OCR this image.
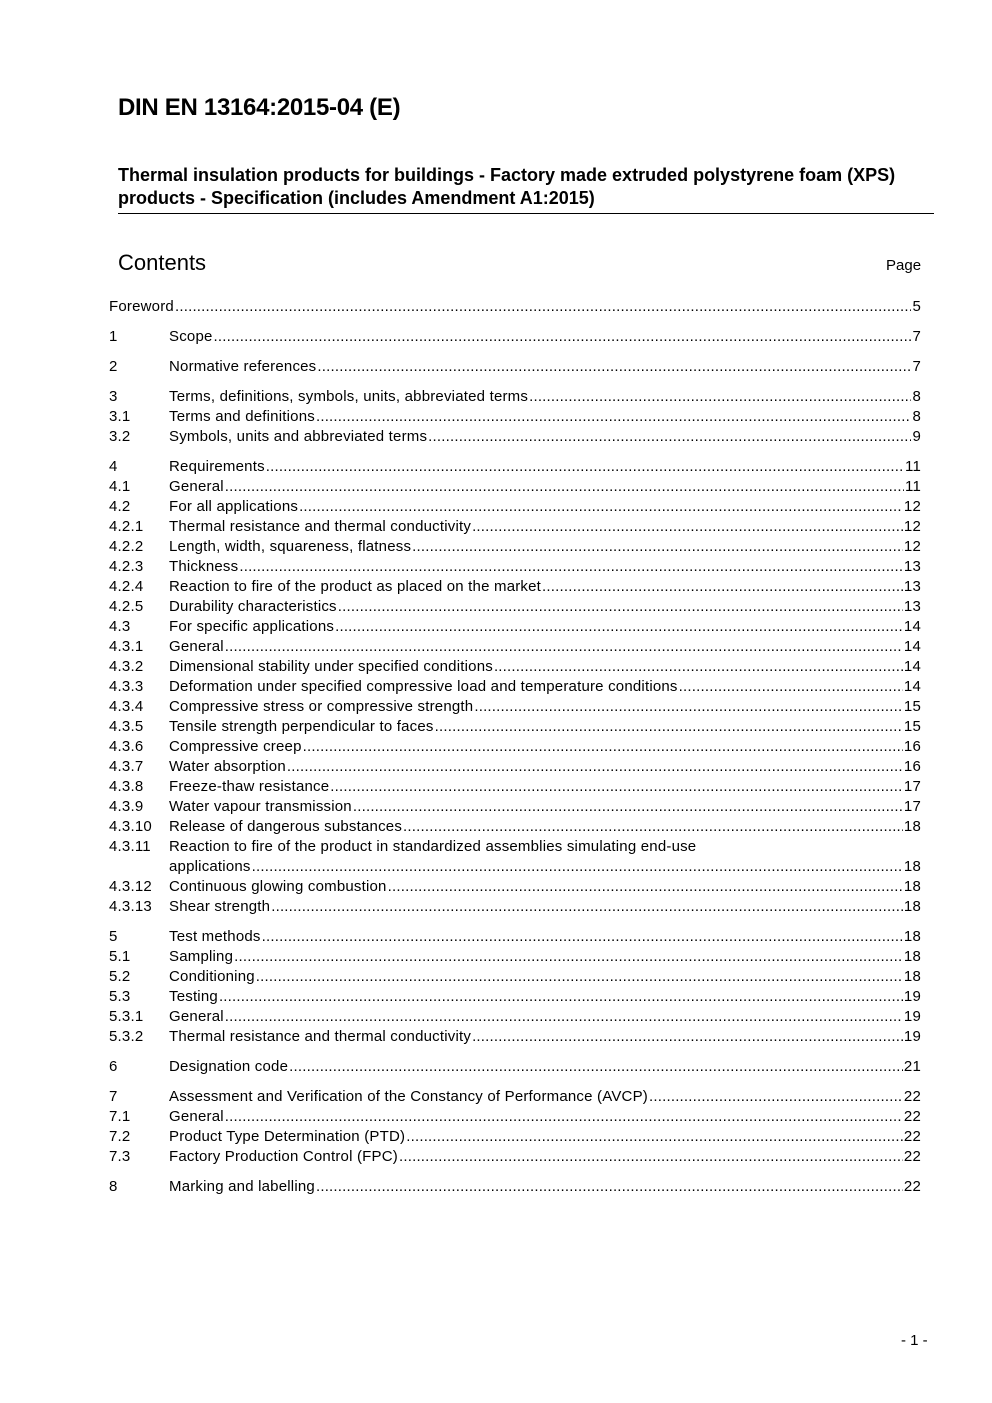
DIN EN 13164:2015-04 (E)
Thermal insulation products for buildings - Factory made extruded polystyrene foam (XPS) products - Specification (includes Amendment A1:2015)
Contents	Page
Foreword .....	5
1	Scope .....	7
2	Normative references .....	7
3	Terms, definitions, symbols, units, abbreviated terms .....	8
3.1	Terms and definitions .....	8
3.2	Symbols, units and abbreviated terms .....	9
4	Requirements .....	11
4.1	General .....	11
4.2	For all applications .....	12
4.2.1 Thermal resistance and thermal conductivity .....	12
4.2.2 Length, width, squareness, flatness .....	12
4.2.3 Thickness .....	13
4.2.4 Reaction to fire of the product as placed on the market .....	13
4.2.5 Durability characteristics .....	13
4.3	For specific applications .....	14
4.3.1 General .....	14
4.3.2 Dimensional stability under specified conditions .....	14
4.3.3 Deformation under specified compressive load and temperature conditions .....	14
4.3.4 Compressive stress or compressive strength .....	15
4.3.5 Tensile strength perpendicular to faces .....	15
4.3.6 Compressive creep .....	16
4.3.7 Water absorption .....	16
4.3.8 Freeze-thaw resistance .....	17
4.3.9 Water vapour transmission .....	17
4.3.10 Release of dangerous substances .....	18
4.3.11 Reaction to fire of the product in standardized assemblies simulating end-use
applications .....	18
4.3.12 Continuous glowing combustion .....	18
4.3.13 Shear strength .....	18
5	Test methods .....	18
5.1	Sampling .....	18
5.2	Conditioning .....	18
5.3	Testing .....	19
5.3.1 General .....	19
5.3.2 Thermal resistance and thermal conductivity .....	19
6	Designation code .....	21
7	Assessment and Verification of the Constancy of Performance (AVCP) .....	22
7.1	General .....	22
7.2	Product Type Determination (PTD) .....	22
7.3	Factory Production Control (FPC) .....	22
8	Marking and labelling .....	22
- 1 -
